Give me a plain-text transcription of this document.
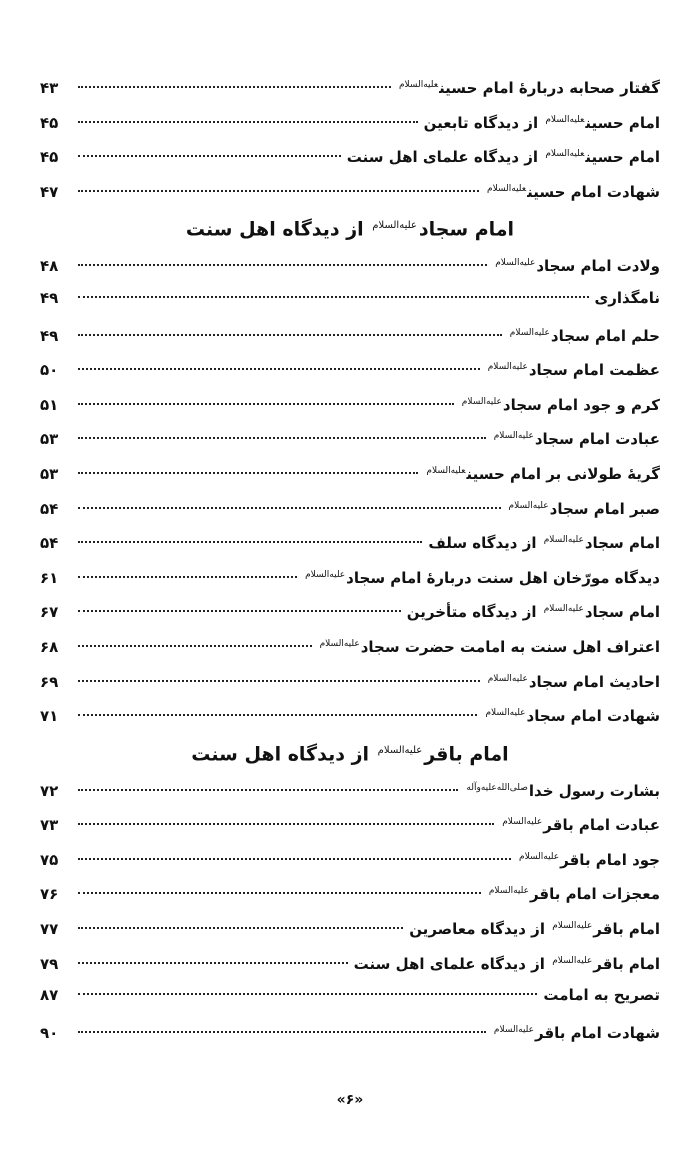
گفتار صحابه دربارۀ امام حسین$^{عليه‌السلام}$
۴۳
امام حسین$^{عليه‌السلام}$ از دیدگاه تابعین
۴۵
امام حسین$^{عليه‌السلام}$ از دیدگاه علمای اهل سنت
۴۵
شهادت امام حسین$^{عليه‌السلام}$
۴۷
امام سجاد$^{عليه‌السلام}$ از دیدگاه اهل سنت
ولادت امام سجاد$^{عليه‌السلام}$
۴۸
نامگذاری
۴۹
حلم امام سجاد$^{عليه‌السلام}$
۴۹
عظمت امام سجاد$^{عليه‌السلام}$
۵۰
کرم و جود امام سجاد$^{عليه‌السلام}$
۵۱
عبادت امام سجاد$^{عليه‌السلام}$
۵۳
گریۀ طولانی بر امام حسین$^{عليه‌السلام}$
۵۳
صبر امام سجاد$^{عليه‌السلام}$
۵۴
امام سجاد$^{عليه‌السلام}$ از دیدگاه سلف
۵۴
دیدگاه مورّخان اهل سنت دربارۀ امام سجاد$^{عليه‌السلام}$
۶۱
امام سجاد$^{عليه‌السلام}$ از دیدگاه متأخرین
۶۷
اعتراف اهل سنت به امامت حضرت سجاد$^{عليه‌السلام}$
۶۸
احادیث امام سجاد$^{عليه‌السلام}$
۶۹
شهادت امام سجاد$^{عليه‌السلام}$
۷۱
امام باقر$^{عليه‌السلام}$ از دیدگاه اهل سنت
بشارت رسول خدا$^{صلی‌الله‌علیه‌وآله}$
۷۲
عبادت امام باقر$^{عليه‌السلام}$
۷۳
جود امام باقر$^{عليه‌السلام}$
۷۵
معجزات امام باقر$^{عليه‌السلام}$
۷۶
امام باقر$^{عليه‌السلام}$ از دیدگاه معاصرین
۷۷
امام باقر$^{عليه‌السلام}$ از دیدگاه علمای اهل سنت
۷۹
تصریح به امامت
۸۷
شهادت امام باقر$^{عليه‌السلام}$
۹۰
«۶»
